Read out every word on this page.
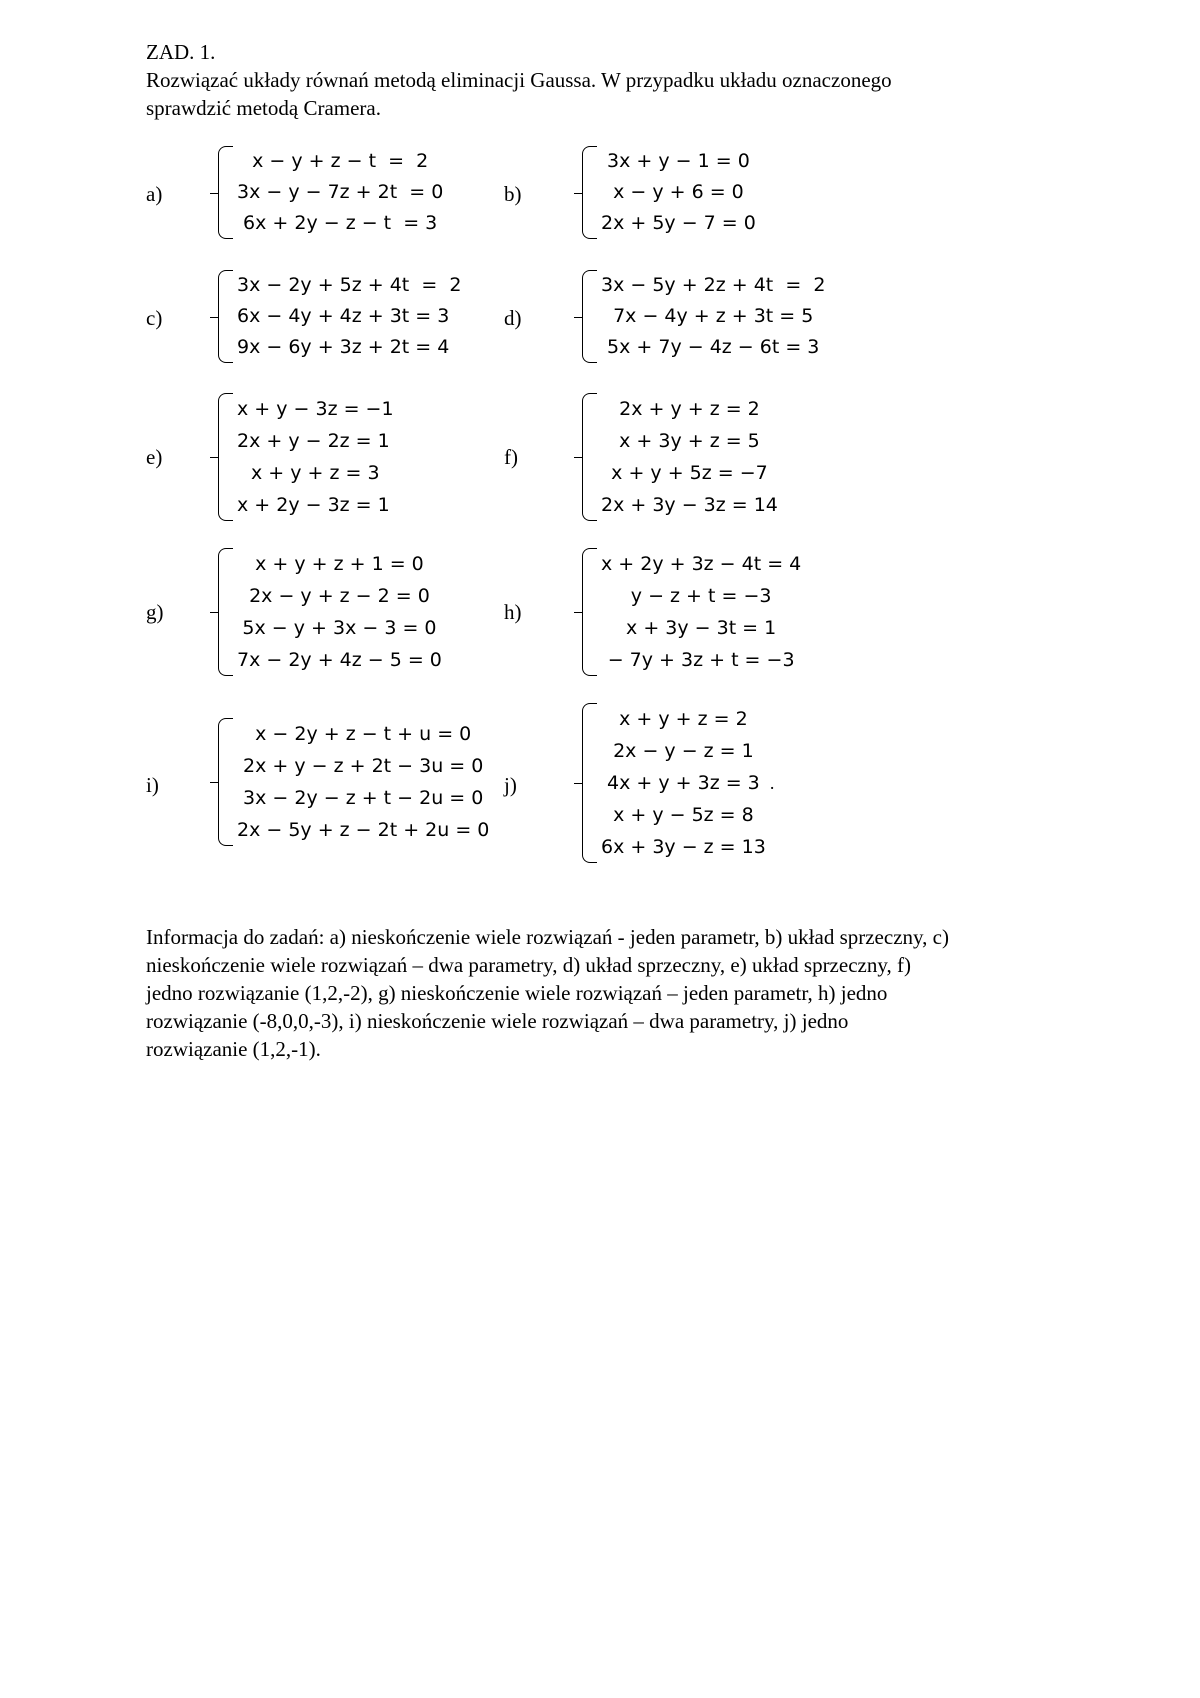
ZAD. 1.
Rozwiązać układy równań metodą eliminacji Gaussa. W przypadku układu oznaczonego
sprawdzić metodą Cramera.
a)
x − y + z − t  =  2
3x − y − 7z + 2t  = 0
6x + 2y − z − t  = 3
b)
3x + y − 1 = 0
x − y + 6 = 0
2x + 5y − 7 = 0
c)
3x − 2y + 5z + 4t  =  2
6x − 4y + 4z + 3t = 3
9x − 6y + 3z + 2t = 4
d)
3x − 5y + 2z + 4t  =  2
7x − 4y + z + 3t = 5
5x + 7y − 4z − 6t = 3
e)
x + y − 3z = −1
2x + y − 2z = 1
x + y + z = 3
x + 2y − 3z = 1
f)
2x + y + z = 2
x + 3y + z = 5
x + y + 5z = −7
2x + 3y − 3z = 14
g)
x + y + z + 1 = 0
2x − y + z − 2 = 0
5x − y + 3x − 3 = 0
7x − 2y + 4z − 5 = 0
h)
x + 2y + 3z − 4t = 4
y − z + t = −3
x + 3y − 3t = 1
− 7y + 3z + t = −3
i)
x − 2y + z − t + u = 0
2x + y − z + 2t − 3u = 0
3x − 2y − z + t − 2u = 0
2x − 5y + z − 2t + 2u = 0
j)
x + y + z = 2
2x − y − z = 1
4x + y + 3z = 3
x + y − 5z = 8
6x + 3y − z = 13
.
Informacja do zadań: a) nieskończenie wiele rozwiązań - jeden parametr, b) układ sprzeczny, c)
nieskończenie wiele rozwiązań – dwa parametry, d) układ sprzeczny, e) układ sprzeczny, f)
jedno rozwiązanie (1,2,-2), g) nieskończenie wiele rozwiązań – jeden parametr, h) jedno
rozwiązanie (-8,0,0,-3), i) nieskończenie wiele rozwiązań – dwa parametry, j) jedno
rozwiązanie (1,2,-1).
